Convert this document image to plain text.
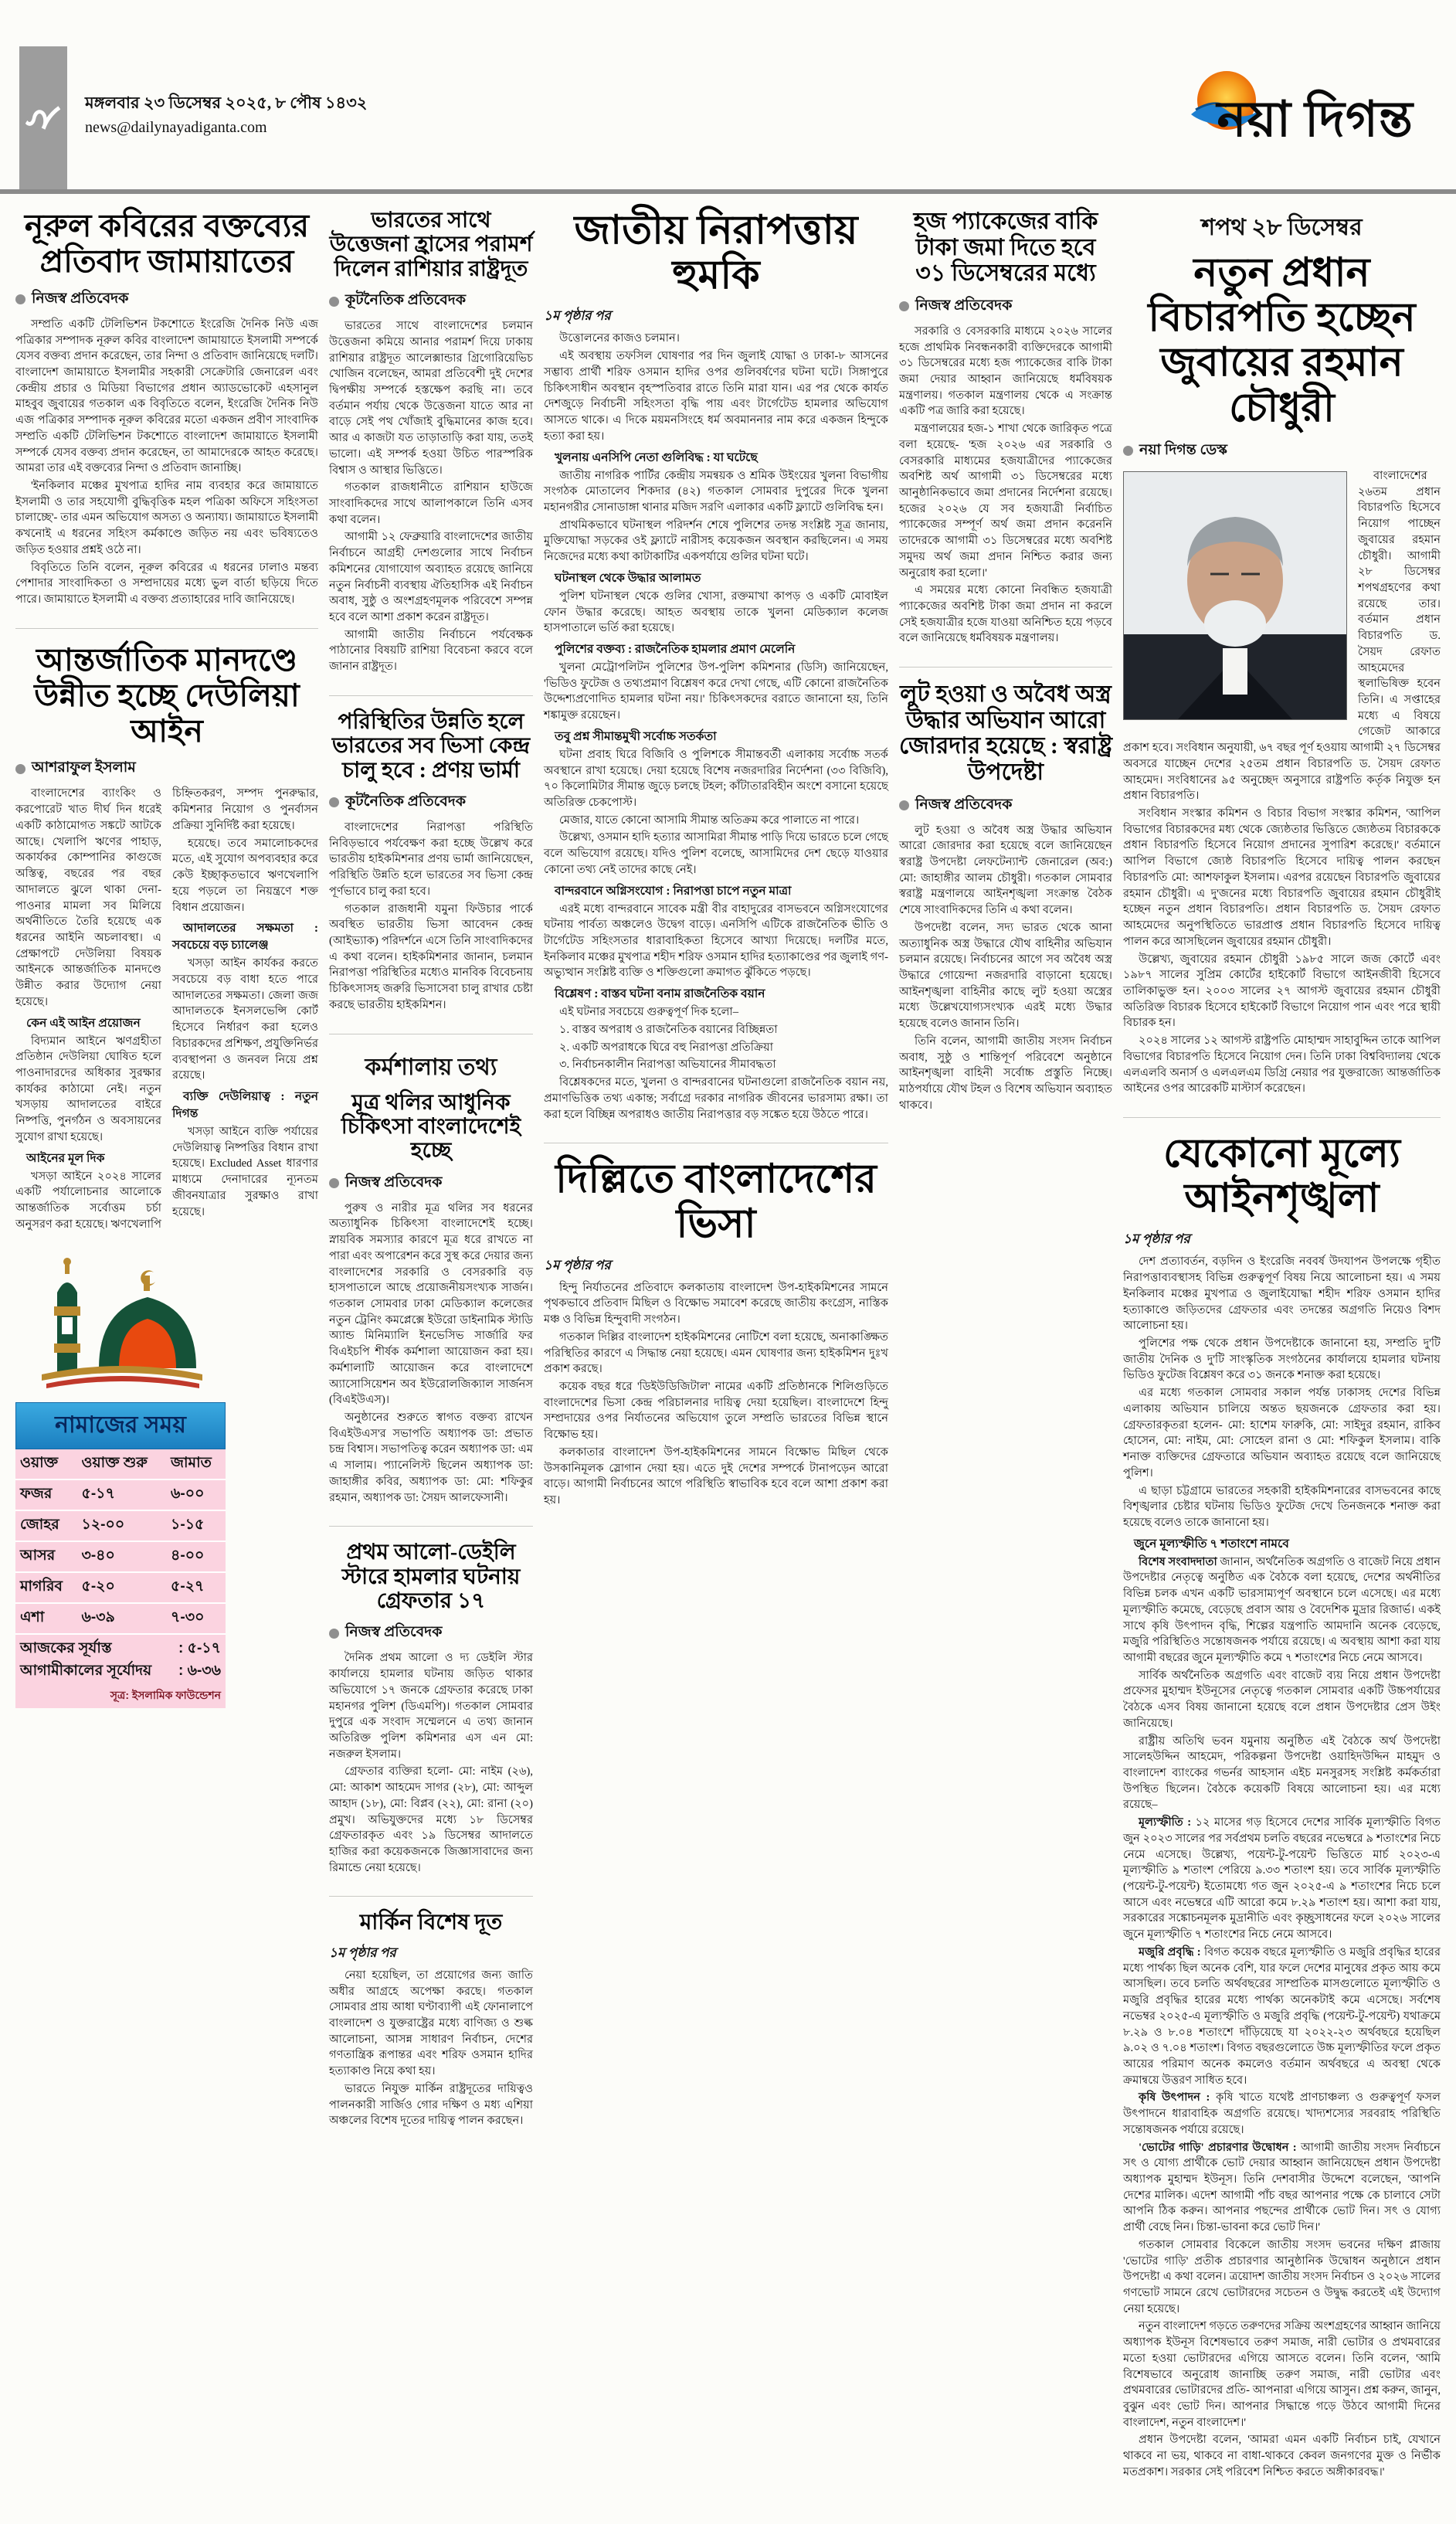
২
মঙ্গলবার ২৩ ডিসেম্বর ২০২৫, ৮ পৌষ ১৪৩২
news@dailynayadiganta.com	নয়া দিগন্ত
নূরুল কবিরের বক্তব্যের প্রতিবাদ জামায়াতের
নিজস্ব প্রতিবেদক

সম্প্রতি একটি টেলিভিশন টকশোতে ইংরেজি দৈনিক নিউ এজ পত্রিকার সম্পাদক নূরুল কবির বাংলাদেশ জামায়াতে ইসলামী সম্পর্কে যেসব বক্তব্য প্রদান করেছেন, তার নিন্দা ও প্রতিবাদ জানিয়েছে দলটি। বাংলাদেশ জামায়াতে ইসলামীর সহকারী সেক্রেটারি জেনারেল এবং কেন্দ্রীয় প্রচার ও মিডিয়া বিভাগের প্রধান অ্যাডভোকেট এহসানুল মাহবুব জুবায়ের গতকাল এক বিবৃতিতে বলেন, ইংরেজি দৈনিক নিউ এজ পত্রিকার সম্পাদক নূরুল কবিরের মতো একজন প্রবীণ সাংবাদিক সম্প্রতি একটি টেলিভিশন টকশোতে বাংলাদেশ জামায়াতে ইসলামী সম্পর্কে যেসব বক্তব্য প্রদান করেছেন, তা আমাদেরকে আহত করেছে। আমরা তার এই বক্তব্যের নিন্দা ও প্রতিবাদ জানাচ্ছি।

'ইনকিলাব মঞ্চের মুখপাত্র হাদির নাম ব্যবহার করে জামায়াতে ইসলামী ও তার সহযোগী বুদ্ধিবৃত্তিক মহল পত্রিকা অফিসে সহিংসতা চালাচ্ছে'- তার এমন অভিযোগ অসত্য ও অন্যায্য। জামায়াতে ইসলামী কখনোই এ ধরনের সহিংস কর্মকাণ্ডে জড়িত নয় এবং ভবিষ্যতেও জড়িত হওয়ার প্রশ্নই ওঠে না।

বিবৃতিতে তিনি বলেন, নূরুল কবিরের এ ধরনের ঢালাও মন্তব্য পেশাদার সাংবাদিকতা ও সম্প্রদায়ের মধ্যে ভুল বার্তা ছড়িয়ে দিতে পারে। জামায়াতে ইসলামী এ বক্তব্য প্রত্যাহারের দাবি জানিয়েছে।

আন্তর্জাতিক মানদণ্ডে উন্নীত হচ্ছে দেউলিয়া আইন
আশরাফুল ইসলাম

বাংলাদেশের ব্যাংকিং ও করপোরেট খাত দীর্ঘ দিন ধরেই একটি কাঠামোগত সঙ্কটে আটকে আছে। খেলাপি ঋণের পাহাড়, অকার্যকর কোম্পানির কাগুজে অস্তিত্ব, বছরের পর বছর আদালতে ঝুলে থাকা দেনা-পাওনার মামলা সব মিলিয়ে অর্থনীতিতে তৈরি হয়েছে এক ধরনের আইনি অচলাবস্থা। এ প্রেক্ষাপটে দেউলিয়া বিষয়ক আইনকে আন্তর্জাতিক মানদণ্ডে উন্নীত করার উদ্যোগ নেয়া হয়েছে।

কেন এই আইন প্রয়োজন

বিদ্যমান আইনে ঋণগ্রহীতা প্রতিষ্ঠান দেউলিয়া ঘোষিত হলে পাওনাদারদের অধিকার সুরক্ষার কার্যকর কাঠামো নেই। নতুন খসড়ায় আদালতের বাইরে নিষ্পত্তি, পুনর্গঠন ও অবসায়নের সুযোগ রাখা হয়েছে।

আইনের মূল দিক

খসড়া আইনে ২০২৪ সালের একটি পর্যালোচনার আলোকে আন্তর্জাতিক সর্বোত্তম চর্চা অনুসরণ করা হয়েছে। ঋণখেলাপি চিহ্নিতকরণ, সম্পদ পুনরুদ্ধার, কমিশনার নিয়োগ ও পুনর্বাসন প্রক্রিয়া সুনির্দিষ্ট করা হয়েছে।

হয়েছে। তবে সমালোচকদের মতে, এই সুযোগ অপব্যবহার করে কেউ ইচ্ছাকৃতভাবে ঋণখেলাপি হয়ে পড়লে তা নিয়ন্ত্রণে শক্ত বিধান প্রয়োজন।

আদালতের সক্ষমতা : সবচেয়ে বড় চ্যালেঞ্জ

খসড়া আইন কার্যকর করতে সবচেয়ে বড় বাধা হতে পারে আদালতের সক্ষমতা। জেলা জজ আদালতকে ইনসলভেন্সি কোর্ট হিসেবে নির্ধারণ করা হলেও বিচারকদের প্রশিক্ষণ, প্রযুক্তিনির্ভর ব্যবস্থাপনা ও জনবল নিয়ে প্রশ্ন রয়েছে।

ব্যক্তি দেউলিয়াত্ব : নতুন দিগন্ত

খসড়া আইনে ব্যক্তি পর্যায়ের দেউলিয়াত্ব নিষ্পত্তির বিধান রাখা হয়েছে। Excluded Asset ধারণার মাধ্যমে দেনাদারের ন্যূনতম জীবনযাত্রার সুরক্ষাও রাখা হয়েছে।

নামাজের সময়
ওয়াক্ত	ওয়াক্ত শুরু	জামাত
ফজর	৫-১৭	৬-০০
জোহর	১২-০০	১-১৫
আসর	৩-৪০	৪-০০
মাগরিব	৫-২০	৫-২৭
এশা	৬-৩৯	৭-৩০
আজকের সূর্যাস্ত	: ৫-১৭
আগামীকালের সূর্যোদয় : ৬-৩৬
সূত্র: ইসলামিক ফাউন্ডেশন
ভারতের সাথে উত্তেজনা হ্রাসের পরামর্শ দিলেন রাশিয়ার রাষ্ট্রদূত
কূটনৈতিক প্রতিবেদক

ভারতের সাথে বাংলাদেশের চলমান উত্তেজনা কমিয়ে আনার পরামর্শ দিয়ে ঢাকায় রাশিয়ার রাষ্ট্রদূত আলেক্সান্ডার গ্রিগোরিয়েভিচ খোজিন বলেছেন, আমরা প্রতিবেশী দুই দেশের দ্বিপক্ষীয় সম্পর্কে হস্তক্ষেপ করছি না। তবে বর্তমান পর্যায় থেকে উত্তেজনা যাতে আর না বাড়ে সেই পথ খোঁজাই বুদ্ধিমানের কাজ হবে। আর এ কাজটা যত তাড়াতাড়ি করা যায়, ততই ভালো। এই সম্পর্ক হওয়া উচিত পারস্পরিক বিশ্বাস ও আস্থার ভিত্তিতে।

গতকাল রাজধানীতে রাশিয়ান হাউজে সাংবাদিকদের সাথে আলাপকালে তিনি এসব কথা বলেন।

আগামী ১২ ফেব্রুয়ারি বাংলাদেশের জাতীয় নির্বাচনে আগ্রহী দেশগুলোর সাথে নির্বাচন কমিশনের যোগাযোগ অব্যাহত রয়েছে জানিয়ে নতুন নির্বাচনী ব্যবস্থায় ঐতিহাসিক এই নির্বাচন অবাধ, সুষ্ঠু ও অংশগ্রহণমূলক পরিবেশে সম্পন্ন হবে বলে আশা প্রকাশ করেন রাষ্ট্রদূত।

আগামী জাতীয় নির্বাচনে পর্যবেক্ষক পাঠানোর বিষয়টি রাশিয়া বিবেচনা করবে বলে জানান রাষ্ট্রদূত।

পরিস্থিতির উন্নতি হলে ভারতের সব ভিসা কেন্দ্র চালু হবে : প্রণয় ভার্মা
কূটনৈতিক প্রতিবেদক

বাংলাদেশের নিরাপত্তা পরিস্থিতি নিবিড়ভাবে পর্যবেক্ষণ করা হচ্ছে উল্লেখ করে ভারতীয় হাইকমিশনার প্রণয় ভার্মা জানিয়েছেন, পরিস্থিতি উন্নতি হলে ভারতের সব ভিসা কেন্দ্র পূর্ণভাবে চালু করা হবে।

গতকাল রাজধানী যমুনা ফিউচার পার্কে অবস্থিত ভারতীয় ভিসা আবেদন কেন্দ্র (আইভ্যাক) পরিদর্শনে এসে তিনি সাংবাদিকদের এ কথা বলেন। হাইকমিশনার জানান, চলমান নিরাপত্তা পরিস্থিতির মধ্যেও মানবিক বিবেচনায় চিকিৎসাসহ জরুরি ভিসাসেবা চালু রাখার চেষ্টা করছে ভারতীয় হাইকমিশন।

কর্মশালায় তথ্য
মূত্র থলির আধুনিক চিকিৎসা বাংলাদেশেই হচ্ছে
নিজস্ব প্রতিবেদক

পুরুষ ও নারীর মূত্র থলির সব ধরনের অত্যাধুনিক চিকিৎসা বাংলাদেশেই হচ্ছে। স্নায়বিক সমস্যার কারণে মূত্র ধরে রাখতে না পারা এবং অপারেশন করে সুস্থ করে দেয়ার জন্য বাংলাদেশের সরকারি ও বেসরকারি বড় হাসপাতালে আছে প্রয়োজনীয়সংখ্যক সার্জন। গতকাল সোমবার ঢাকা মেডিক্যাল কলেজের নতুন ট্রেনিং কমপ্লেক্সে ইউরো ডাইনামিক স্টাডি অ্যান্ড মিনিম্যালি ইনভেসিভ সার্জারি ফর বিএইচপি শীর্ষক কর্মশালা আয়োজন করা হয়। কর্মশালাটি আয়োজন করে বাংলাদেশে অ্যাসোসিয়েশন অব ইউরোলজিক্যাল সার্জনস (বিএইউএস)।

অনুষ্ঠানের শুরুতে স্বাগত বক্তব্য রাখেন বিএইউএস'র সভাপতি অধ্যাপক ডা: প্রভাত চন্দ্র বিশ্বাস। সভাপতিত্ব করেন অধ্যাপক ডা: এম এ সালাম। প্যানেলিস্ট ছিলেন অধ্যাপক ডা: জাহাঙ্গীর কবির, অধ্যাপক ডা: মো: শফিকুর রহমান, অধ্যাপক ডা: সৈয়দ আলফেসানী।

প্রথম আলো-ডেইলি স্টারে হামলার ঘটনায় গ্রেফতার ১৭
নিজস্ব প্রতিবেদক

দৈনিক প্রথম আলো ও দ্য ডেইলি স্টার কার্যালয়ে হামলার ঘটনায় জড়িত থাকার অভিযোগে ১৭ জনকে গ্রেফতার করেছে ঢাকা মহানগর পুলিশ (ডিএমপি)। গতকাল সোমবার দুপুরে এক সংবাদ সম্মেলনে এ তথ্য জানান অতিরিক্ত পুলিশ কমিশনার এস এন মো: নজরুল ইসলাম।

গ্রেফতার ব্যক্তিরা হলো- মো: নাইম (২৬), মো: আকাশ আহমেদ সাগর (২৮), মো: আব্দুল আহাদ (১৮), মো: বিপ্লব (২২), মো: রানা (২০) প্রমুখ। অভিযুক্তদের মধ্যে ১৮ ডিসেম্বর গ্রেফতারকৃত এবং ১৯ ডিসেম্বর আদালতে হাজির করা কয়েকজনকে জিজ্ঞাসাবাদের জন্য রিমান্ডে নেয়া হয়েছে।

মার্কিন বিশেষ দূত
১ম পৃষ্ঠার পর

নেয়া হয়েছিল, তা প্রয়োগের জন্য জাতি অধীর আগ্রহে অপেক্ষা করছে। গতকাল সোমবার প্রায় আধা ঘণ্টাব্যাপী এই ফোনালাপে বাংলাদেশ ও যুক্তরাষ্ট্রের মধ্যে বাণিজ্য ও শুল্ক আলোচনা, আসন্ন সাধারণ নির্বাচন, দেশের গণতান্ত্রিক রূপান্তর এবং শরিফ ওসমান হাদির হত্যাকাণ্ড নিয়ে কথা হয়।

ভারতে নিযুক্ত মার্কিন রাষ্ট্রদূতের দায়িত্বও পালনকারী সার্জিও গোর দক্ষিণ ও মধ্য এশিয়া অঞ্চলের বিশেষ দূতের দায়িত্ব পালন করছেন।

জাতীয় নিরাপত্তায় হুমকি
১ম পৃষ্ঠার পর

উত্তোলনের কাজও চলমান।

এই অবস্থায় তফসিল ঘোষণার পর দিন জুলাই যোদ্ধা ও ঢাকা-৮ আসনের সম্ভাব্য প্রার্থী শরিফ ওসমান হাদির ওপর গুলিবর্ষণের ঘটনা ঘটে। সিঙ্গাপুরে চিকিৎসাধীন অবস্থান বৃহস্পতিবার রাতে তিনি মারা যান। এর পর থেকে কার্যত দেশজুড়ে নির্বাচনী সহিংসতা বৃদ্ধি পায় এবং টার্গেটেড হামলার অভিযোগ আসতে থাকে। এ দিকে ময়মনসিংহে ধর্ম অবমাননার নাম করে একজন হিন্দুকে হত্যা করা হয়।

খুলনায় এনসিপি নেতা গুলিবিদ্ধ : যা ঘটেছে

জাতীয় নাগরিক পার্টির কেন্দ্রীয় সমন্বয়ক ও শ্রমিক উইংয়ের খুলনা বিভাগীয় সংগঠক মোতালেব শিকদার (৪২) গতকাল সোমবার দুপুরের দিকে খুলনা মহানগরীর সোনাডাঙ্গা থানার মজিদ সরণি এলাকার একটি ফ্ল্যাটে গুলিবিদ্ধ হন।

প্রাথমিকভাবে ঘটনাস্থল পরিদর্শন শেষে পুলিশের তদন্ত সংশ্লিষ্ট সূত্র জানায়, মুক্তিযোদ্ধা সড়কের ওই ফ্ল্যাটে নারীসহ কয়েকজন অবস্থান করছিলেন। এ সময় নিজেদের মধ্যে কথা কাটাকাটির একপর্যায়ে গুলির ঘটনা ঘটে।

ঘটনাস্থল থেকে উদ্ধার আলামত

পুলিশ ঘটনাস্থল থেকে গুলির খোসা, রক্তমাখা কাপড় ও একটি মোবাইল ফোন উদ্ধার করেছে। আহত অবস্থায় তাকে খুলনা মেডিক্যাল কলেজ হাসপাতালে ভর্তি করা হয়েছে।

পুলিশের বক্তব্য : রাজনৈতিক হামলার প্রমাণ মেলেনি

খুলনা মেট্রোপলিটন পুলিশের উপ-পুলিশ কমিশনার (ডিসি) জানিয়েছেন, 'ভিডিও ফুটেজ ও তথ্যপ্রমাণ বিশ্লেষণ করে দেখা গেছে, এটি কোনো রাজনৈতিক উদ্দেশ্যপ্রণোদিত হামলার ঘটনা নয়।' চিকিৎসকদের বরাতে জানানো হয়, তিনি শঙ্কামুক্ত রয়েছেন।

তবু প্রশ্ন সীমান্তমুখী সর্বোচ্চ সতর্কতা

ঘটনা প্রবাহ ঘিরে বিজিবি ও পুলিশকে সীমান্তবর্তী এলাকায় সর্বোচ্চ সতর্ক অবস্থানে রাখা হয়েছে। দেয়া হয়েছে বিশেষ নজরদারির নির্দেশনা (৩৩ বিজিবি), ৭০ কিলোমিটার সীমান্ত জুড়ে চলছে টহল; কাঁটাতারবিহীন অংশে বসানো হয়েছে অতিরিক্ত চেকপোস্ট।

মেজার, যাতে কোনো আসামি সীমান্ত অতিক্রম করে পালাতে না পারে।

উল্লেখ্য, ওসমান হাদি হত্যার আসামিরা সীমান্ত পাড়ি দিয়ে ভারতে চলে গেছে বলে অভিযোগ রয়েছে। যদিও পুলিশ বলেছে, আসামিদের দেশ ছেড়ে যাওয়ার কোনো তথ্য নেই তাদের কাছে নেই।

বান্দরবানে অগ্নিসংযোগ : নিরাপত্তা চাপে নতুন মাত্রা

এরই মধ্যে বান্দরবানে সাবেক মন্ত্রী বীর বাহাদুরের বাসভবনে অগ্নিসংযোগের ঘটনায় পার্বত্য অঞ্চলেও উদ্বেগ বাড়ে। এনসিপি এটিকে রাজনৈতিক ভীতি ও টার্গেটেড সহিংসতার ধারাবাহিকতা হিসেবে আখ্যা দিয়েছে। দলটির মতে, ইনকিলাব মঞ্চের মুখপাত্র শহীদ শরিফ ওসমান হাদির হত্যাকাণ্ডের পর জুলাই গণ-অভ্যুত্থান সংশ্লিষ্ট ব্যক্তি ও শক্তিগুলো ক্রমাগত ঝুঁকিতে পড়ছে।

বিশ্লেষণ : বাস্তব ঘটনা বনাম রাজনৈতিক বয়ান

এই ঘটনার সবচেয়ে গুরুত্বপূর্ণ দিক হলো–

১. বাস্তব অপরাধ ও রাজনৈতিক বয়ানের বিচ্ছিন্নতা

২. একটি অপরাধকে ঘিরে বহু নিরাপত্তা প্রতিক্রিয়া

৩. নির্বাচনকালীন নিরাপত্তা অভিযানের সীমাবদ্ধতা

বিশ্লেষকদের মতে, খুলনা ও বান্দরবানের ঘটনাগুলো রাজনৈতিক বয়ান নয়, প্রমাণভিত্তিক তথ্য একান্ত; সর্বাগ্রে দরকার নাগরিক জীবনের ভারসাম্য রক্ষা। তা করা হলে বিচ্ছিন্ন অপরাধও জাতীয় নিরাপত্তার বড় সঙ্কেত হয়ে উঠতে পারে।

দিল্লিতে বাংলাদেশের ভিসা
১ম পৃষ্ঠার পর

হিন্দু নির্যাতনের প্রতিবাদে কলকাতায় বাংলাদেশ উপ-হাইকমিশনের সামনে পৃথকভাবে প্রতিবাদ মিছিল ও বিক্ষোভ সমাবেশ করেছে জাতীয় কংগ্রেস, নাস্তিক মঞ্চ ও বিভিন্ন হিন্দুবাদী সংগঠন।

গতকাল দিল্লির বাংলাদেশ হাইকমিশনের নোটিশে বলা হয়েছে, অনাকাঙ্ক্ষিত পরিস্থিতির কারণে এ সিদ্ধান্ত নেয়া হয়েছে। এমন ঘোষণার জন্য হাইকমিশন দুঃখ প্রকাশ করছে।

কয়েক বছর ধরে 'ডিইউডিজিটাল' নামের একটি প্রতিষ্ঠানকে শিলিগুড়িতে বাংলাদেশের ভিসা কেন্দ্র পরিচালনার দায়িত্ব দেয়া হয়েছিল। বাংলাদেশে হিন্দু সম্প্রদায়ের ওপর নির্যাতনের অভিযোগ তুলে সম্প্রতি ভারতের বিভিন্ন স্থানে বিক্ষোভ হয়।

কলকাতার বাংলাদেশ উপ-হাইকমিশনের সামনে বিক্ষোভ মিছিল থেকে উসকানিমূলক স্লোগান দেয়া হয়। এতে দুই দেশের সম্পর্কে টানাপড়েন আরো বাড়ে। আগামী নির্বাচনের আগে পরিস্থিতি স্বাভাবিক হবে বলে আশা প্রকাশ করা হয়।

হজ প্যাকেজের বাকি টাকা জমা দিতে হবে ৩১ ডিসেম্বরের মধ্যে
নিজস্ব প্রতিবেদক

সরকারি ও বেসরকারি মাধ্যমে ২০২৬ সালের হজে প্রাথমিক নিবন্ধনকারী ব্যক্তিদেরকে আগামী ৩১ ডিসেম্বরের মধ্যে হজ প্যাকেজের বাকি টাকা জমা দেয়ার আহ্বান জানিয়েছে ধর্মবিষয়ক মন্ত্রণালয়। গতকাল মন্ত্রণালয় থেকে এ সংক্রান্ত একটি পত্র জারি করা হয়েছে।

মন্ত্রণালয়ের হজ-১ শাখা থেকে জারিকৃত পত্রে বলা হয়েছে- 'হজ ২০২৬ এর সরকারি ও বেসরকারি মাধ্যমের হজযাত্রীদের প্যাকেজের অবশিষ্ট অর্থ আগামী ৩১ ডিসেম্বরের মধ্যে আনুষ্ঠানিকভাবে জমা প্রদানের নির্দেশনা রয়েছে। হজের ২০২৬ যে সব হজযাত্রী নির্বাচিত প্যাকেজের সম্পূর্ণ অর্থ জমা প্রদান করেননি তাদেরকে আগামী ৩১ ডিসেম্বরের মধ্যে অবশিষ্ট সমুদয় অর্থ জমা প্রদান নিশ্চিত করার জন্য অনুরোধ করা হলো।'

এ সময়ের মধ্যে কোনো নিবন্ধিত হজযাত্রী প্যাকেজের অবশিষ্ট টাকা জমা প্রদান না করলে সেই হজযাত্রীর হজে যাওয়া অনিশ্চিত হয়ে পড়বে বলে জানিয়েছে ধর্মবিষয়ক মন্ত্রণালয়।

লুট হওয়া ও অবৈধ অস্ত্র উদ্ধার অভিযান আরো জোরদার হয়েছে : স্বরাষ্ট্র উপদেষ্টা
নিজস্ব প্রতিবেদক

লুট হওয়া ও অবৈধ অস্ত্র উদ্ধার অভিযান আরো জোরদার করা হয়েছে বলে জানিয়েছেন স্বরাষ্ট্র উপদেষ্টা লেফটেন্যান্ট জেনারেল (অব:) মো: জাহাঙ্গীর আলম চৌধুরী। গতকাল সোমবার স্বরাষ্ট্র মন্ত্রণালয়ে আইনশৃঙ্খলা সংক্রান্ত বৈঠক শেষে সাংবাদিকদের তিনি এ কথা বলেন।

উপদেষ্টা বলেন, সদ্য ভারত থেকে আনা অত্যাধুনিক অস্ত্র উদ্ধারে যৌথ বাহিনীর অভিযান চলমান রয়েছে। নির্বাচনের আগে সব অবৈধ অস্ত্র উদ্ধারে গোয়েন্দা নজরদারি বাড়ানো হয়েছে। আইনশৃঙ্খলা বাহিনীর কাছে লুট হওয়া অস্ত্রের মধ্যে উল্লেখযোগ্যসংখ্যক এরই মধ্যে উদ্ধার হয়েছে বলেও জানান তিনি।

তিনি বলেন, আগামী জাতীয় সংসদ নির্বাচন অবাধ, সুষ্ঠু ও শান্তিপূর্ণ পরিবেশে অনুষ্ঠানে আইনশৃঙ্খলা বাহিনী সর্বোচ্চ প্রস্তুতি নিচ্ছে। মাঠপর্যায়ে যৌথ টহল ও বিশেষ অভিযান অব্যাহত থাকবে।

শপথ ২৮ ডিসেম্বর
নতুন প্রধান বিচারপতি হচ্ছেন জুবায়ের রহমান চৌধুরী
নয়া দিগন্ত ডেস্ক

বাংলাদেশের ২৬তম প্রধান বিচারপতি হিসেবে নিয়োগ পাচ্ছেন জুবায়ের রহমান চৌধুরী। আগামী ২৮ ডিসেম্বর শপথগ্রহণের কথা রয়েছে তার। বর্তমান প্রধান বিচারপতি ড. সৈয়দ রেফাত আহমেদের স্থলাভিষিক্ত হবেন তিনি। এ সপ্তাহের মধ্যে এ বিষয়ে গেজেট আকারে প্রকাশ হবে। সংবিধান অনুযায়ী, ৬৭ বছর পূর্ণ হওয়ায় আগামী ২৭ ডিসেম্বর অবসরে যাচ্ছেন দেশের ২৫তম প্রধান বিচারপতি ড. সৈয়দ রেফাত আহমেদ। সংবিধানের ৯৫ অনুচ্ছেদ অনুসারে রাষ্ট্রপতি কর্তৃক নিযুক্ত হন প্রধান বিচারপতি।

সংবিধান সংস্কার কমিশন ও বিচার বিভাগ সংস্কার কমিশন, 'আপিল বিভাগের বিচারকদের মধ্য থেকে জ্যেষ্ঠতার ভিত্তিতে জ্যেষ্ঠতম বিচারককে প্রধান বিচারপতি হিসেবে নিয়োগ প্রদানের সুপারিশ করেছে।' বর্তমানে আপিল বিভাগে জ্যেষ্ঠ বিচারপতি হিসেবে দায়িত্ব পালন করছেন বিচারপতি মো: আশফাকুল ইসলাম। এরপর রয়েছেন বিচারপতি জুবায়ের রহমান চৌধুরী। এ দু'জনের মধ্যে বিচারপতি জুবায়ের রহমান চৌধুরীই হচ্ছেন নতুন প্রধান বিচারপতি। প্রধান বিচারপতি ড. সৈয়দ রেফাত আহমেদের অনুপস্থিতিতে ভারপ্রাপ্ত প্রধান বিচারপতি হিসেবে দায়িত্ব পালন করে আসছিলেন জুবায়ের রহমান চৌধুরী।

উল্লেখ্য, জুবায়ের রহমান চৌধুরী ১৯৮৫ সালে জজ কোর্টে এবং ১৯৮৭ সালের সুপ্রিম কোর্টের হাইকোর্ট বিভাগে আইনজীবী হিসেবে তালিকাভুক্ত হন। ২০০৩ সালের ২৭ আগস্ট জুবায়ের রহমান চৌধুরী অতিরিক্ত বিচারক হিসেবে হাইকোর্ট বিভাগে নিয়োগ পান এবং পরে স্থায়ী বিচারক হন।

২০২৪ সালের ১২ আগস্ট রাষ্ট্রপতি মোহাম্মদ সাহাবুদ্দিন তাকে আপিল বিভাগের বিচারপতি হিসেবে নিয়োগ দেন। তিনি ঢাকা বিশ্ববিদ্যালয় থেকে এলএলবি অনার্স ও এলএলএম ডিগ্রি নেয়ার পর যুক্তরাজ্যে আন্তর্জাতিক আইনের ওপর আরেকটি মাস্টার্স করেছেন।

যেকোনো মূল্যে আইনশৃঙ্খলা
১ম পৃষ্ঠার পর

দেশ প্রত্যাবর্তন, বড়দিন ও ইংরেজি নববর্ষ উদযাপন উপলক্ষে গৃহীত নিরাপত্তাব্যবস্থাসহ বিভিন্ন গুরুত্বপূর্ণ বিষয় নিয়ে আলোচনা হয়। এ সময় ইনকিলাব মঞ্চের মুখপাত্র ও জুলাইযোদ্ধা শহীদ শরিফ ওসমান হাদির হত্যাকাণ্ডে জড়িতদের গ্রেফতার এবং তদন্তের অগ্রগতি নিয়েও বিশদ আলোচনা হয়।

পুলিশের পক্ষ থেকে প্রধান উপদেষ্টাকে জানানো হয়, সম্প্রতি দু'টি জাতীয় দৈনিক ও দু'টি সাংস্কৃতিক সংগঠনের কার্যালয়ে হামলার ঘটনায় ভিডিও ফুটেজ বিশ্লেষণ করে ৩১ জনকে শনাক্ত করা হয়েছে।

এর মধ্যে গতকাল সোমবার সকাল পর্যন্ত ঢাকাসহ দেশের বিভিন্ন এলাকায় অভিযান চালিয়ে অন্তত ছয়জনকে গ্রেফতার করা হয়। গ্রেফতারকৃতরা হলেন- মো: হাশেম ফারুকি, মো: সাইদুর রহমান, রাকিব হোসেন, মো: নাইম, মো: সোহেল রানা ও মো: শফিকুল ইসলাম। বাকি শনাক্ত ব্যক্তিদের গ্রেফতারে অভিযান অব্যাহত রয়েছে বলে জানিয়েছে পুলিশ।

এ ছাড়া চট্টগ্রামে ভারতের সহকারী হাইকমিশনারের বাসভবনের কাছে বিশৃঙ্খলার চেষ্টার ঘটনায় ভিডিও ফুটেজ দেখে তিনজনকে শনাক্ত করা হয়েছে বলেও তাকে জানানো হয়।

জুনে মূল্যস্ফীতি ৭ শতাংশে নামবে

বিশেষ সংবাদদাতা জানান, অর্থনৈতিক অগ্রগতি ও বাজেট নিয়ে প্রধান উপদেষ্টার নেতৃত্বে অনুষ্ঠিত এক বৈঠকে বলা হয়েছে, দেশের অর্থনীতির বিভিন্ন চলক এখন একটি ভারসাম্যপূর্ণ অবস্থানে চলে এসেছে। এর মধ্যে মূল্যস্ফীতি কমেছে, বেড়েছে প্রবাস আয় ও বৈদেশিক মুদ্রার রিজার্ভ। একই সাথে কৃষি উৎপাদন বৃদ্ধি, শিল্পের যন্ত্রপাতি আমদানি অনেক বেড়েছে, মজুরি পরিস্থিতিও সন্তোষজনক পর্যায়ে রয়েছে। এ অবস্থায় আশা করা যায় আগামী বছরের জুনে মূল্যস্ফীতি কমে ৭ শতাংশের নিচে নেমে আসবে।

সার্বিক অর্থনৈতিক অগ্রগতি এবং বাজেট ব্যয় নিয়ে প্রধান উপদেষ্টা প্রফেসর মুহাম্মদ ইউনূসের নেতৃত্বে গতকাল সোমবার একটি উচ্চপর্যায়ের বৈঠকে এসব বিষয় জানানো হয়েছে বলে প্রধান উপদেষ্টার প্রেস উইং জানিয়েছে।

রাষ্ট্রীয় অতিথি ভবন যমুনায় অনুষ্ঠিত এই বৈঠকে অর্থ উপদেষ্টা সালেহউদ্দিন আহমেদ, পরিকল্পনা উপদেষ্টা ওয়াহিদউদ্দিন মাহমুদ ও বাংলাদেশ ব্যাংকের গভর্নর আহসান এইচ মনসুরসহ সংশ্লিষ্ট কর্মকর্তারা উপস্থিত ছিলেন। বৈঠকে কয়েকটি বিষয়ে আলোচনা হয়। এর মধ্যে রয়েছে–

মূল্যস্ফীতি : ১২ মাসের গড় হিসেবে দেশের সার্বিক মূল্যস্ফীতি বিগত জুন ২০২৩ সালের পর সর্বপ্রথম চলতি বছরের নভেম্বরে ৯ শতাংশের নিচে নেমে এসেছে। উল্লেখ্য, পয়েন্ট-টু-পয়েন্ট ভিত্তিতে মার্চ ২০২৩-এ মূল্যস্ফীতি ৯ শতাংশ পেরিয়ে ৯.৩৩ শতাংশ হয়। তবে সার্বিক মূল্যস্ফীতি (পয়েন্ট-টু-পয়েন্ট) ইতোমধ্যে গত জুন ২০২৫-এ ৯ শতাংশের নিচে চলে আসে এবং নভেম্বরে এটি আরো কমে ৮.২৯ শতাংশ হয়। আশা করা যায়, সরকারের সঙ্কোচনমূলক মুদ্রানীতি এবং কৃচ্ছ্রসাধনের ফলে ২০২৬ সালের জুনে মূল্যস্ফীতি ৭ শতাংশের নিচে নেমে আসবে।

মজুরি প্রবৃদ্ধি : বিগত কয়েক বছরে মূল্যস্ফীতি ও মজুরি প্রবৃদ্ধির হারের মধ্যে পার্থক্য ছিল অনেক বেশি, যার ফলে দেশের মানুষের প্রকৃত আয় কমে আসছিল। তবে চলতি অর্থবছরের সাম্প্রতিক মাসগুলোতে মূল্যস্ফীতি ও মজুরি প্রবৃদ্ধির হারের মধ্যে পার্থক্য অনেকটাই কমে এসেছে। সর্বশেষ নভেম্বর ২০২৫-এ মূল্যস্ফীতি ও মজুরি প্রবৃদ্ধি (পয়েন্ট-টু-পয়েন্ট) যথাক্রমে ৮.২৯ ও ৮.০৪ শতাংশে দাঁড়িয়েছে যা ২০২২-২৩ অর্থবছরে হয়েছিল ৯.০২ ও ৭.০৪ শতাংশ। বিগত বছরগুলোতে উচ্চ মূল্যস্ফীতির ফলে প্রকৃত আয়ের পরিমাণ অনেক কমলেও বর্তমান অর্থবছরে এ অবস্থা থেকে ক্রমান্বয়ে উত্তরণ সাধিত হবে।

কৃষি উৎপাদন : কৃষি খাতে যথেষ্ট প্রাণচাঞ্চল্য ও গুরুত্বপূর্ণ ফসল উৎপাদনে ধারাবাহিক অগ্রগতি রয়েছে। খাদ্যশস্যের সরবরাহ পরিস্থিতি সন্তোষজনক পর্যায়ে রয়েছে।

'ভোটের গাড়ি' প্রচারণার উদ্বোধন : আগামী জাতীয় সংসদ নির্বাচনে সৎ ও যোগ্য প্রার্থীকে ভোট দেয়ার আহ্বান জানিয়েছেন প্রধান উপদেষ্টা অধ্যাপক মুহাম্মদ ইউনূস। তিনি দেশবাসীর উদ্দেশে বলেছেন, 'আপনি দেশের মালিক। এদেশ আগামী পাঁচ বছর আপনার পক্ষে কে চালাবে সেটা আপনি ঠিক করুন। আপনার পছন্দের প্রার্থীকে ভোট দিন। সৎ ও যোগ্য প্রার্থী বেছে নিন। চিন্তা-ভাবনা করে ভোট দিন।'

গতকাল সোমবার বিকেলে জাতীয় সংসদ ভবনের দক্ষিণ প্লাজায় 'ভোটের গাড়ি' প্রতীক প্রচারণার আনুষ্ঠানিক উদ্বোধন অনুষ্ঠানে প্রধান উপদেষ্টা এ কথা বলেন। ত্রয়োদশ জাতীয় সংসদ নির্বাচন ও ২০২৬ সালের গণভোট সামনে রেখে ভোটারদের সচেতন ও উদ্বুদ্ধ করতেই এই উদ্যোগ নেয়া হয়েছে।

নতুন বাংলাদেশ গড়তে তরুণদের সক্রিয় অংশগ্রহণের আহ্বান জানিয়ে অধ্যাপক ইউনূস বিশেষভাবে তরুণ সমাজ, নারী ভোটার ও প্রথমবারের মতো হওয়া ভোটারদের এগিয়ে আসতে বলেন। তিনি বলেন, 'আমি বিশেষভাবে অনুরোধ জানাচ্ছি তরুণ সমাজ, নারী ভোটার এবং প্রথমবারের ভোটারদের প্রতি- আপনারা এগিয়ে আসুন। প্রশ্ন করুন, জানুন, বুঝুন এবং ভোট দিন। আপনার সিদ্ধান্তে গড়ে উঠবে আগামী দিনের বাংলাদেশ, নতুন বাংলাদেশ।'

প্রধান উপদেষ্টা বলেন, 'আমরা এমন একটি নির্বাচন চাই, যেখানে থাকবে না ভয়, থাকবে না বাধা-থাকবে কেবল জনগণের মুক্ত ও নির্ভীক মতপ্রকাশ। সরকার সেই পরিবেশ নিশ্চিত করতে অঙ্গীকারবদ্ধ।'
